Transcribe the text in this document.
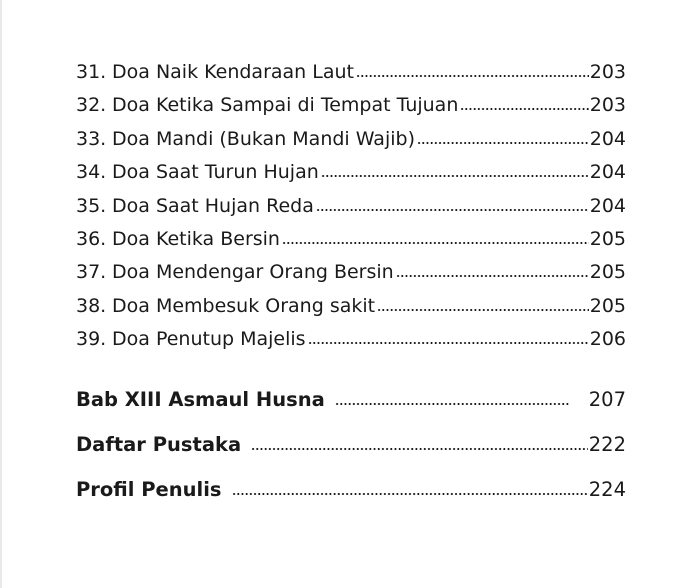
31. Doa Naik Kendaraan Laut	203
32. Doa Ketika Sampai di Tempat Tujuan	203
33. Doa Mandi (Bukan Mandi Wajib)	204
34. Doa Saat Turun Hujan	204
35. Doa Saat Hujan Reda	204
36. Doa Ketika Bersin	205
37. Doa Mendengar Orang Bersin	205
38. Doa Membesuk Orang sakit	205
39. Doa Penutup Majelis	206
Bab XIII Asmaul Husna	207
Daftar Pustaka	222
Profil Penulis	224
